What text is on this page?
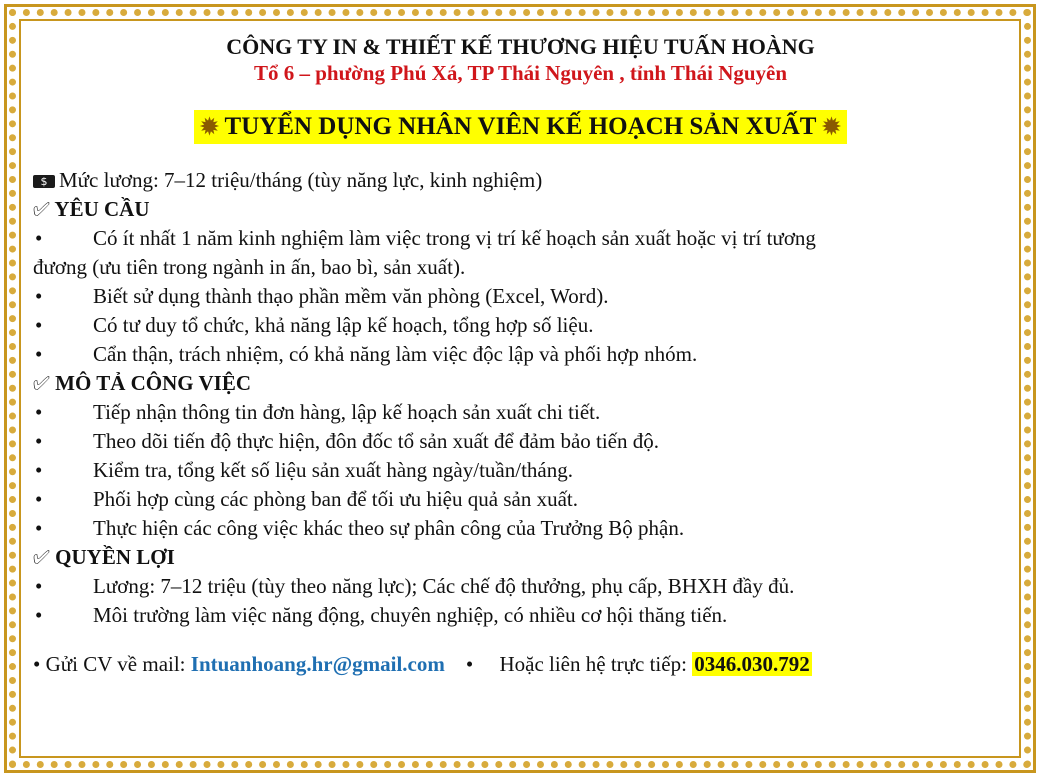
CÔNG TY IN & THIẾT KẾ THƯƠNG HIỆU TUẤN HOÀNG

Tổ 6 – phường Phú Xá, TP Thái Nguyên , tỉnh Thái Nguyên

✹ TUYỂN DỤNG NHÂN VIÊN KẾ HOẠCH SẢN XUẤT ✹

$ Mức lương: 7–12 triệu/tháng (tùy năng lực, kinh nghiệm)

✅︎ YÊU CẦU

•	Có ít nhất 1 năm kinh nghiệm làm việc trong vị trí kế hoạch sản xuất hoặc vị trí tương

đương (ưu tiên trong ngành in ấn, bao bì, sản xuất).

•	Biết sử dụng thành thạo phần mềm văn phòng (Excel, Word).
•	Có tư duy tổ chức, khả năng lập kế hoạch, tổng hợp số liệu.
•	Cẩn thận, trách nhiệm, có khả năng làm việc độc lập và phối hợp nhóm.

✅︎ MÔ TẢ CÔNG VIỆC

•	Tiếp nhận thông tin đơn hàng, lập kế hoạch sản xuất chi tiết.
•	Theo dõi tiến độ thực hiện, đôn đốc tổ sản xuất để đảm bảo tiến độ.
•	Kiểm tra, tổng kết số liệu sản xuất hàng ngày/tuần/tháng.
•	Phối hợp cùng các phòng ban để tối ưu hiệu quả sản xuất.
•	Thực hiện các công việc khác theo sự phân công của Trưởng Bộ phận.

✅︎ QUYỀN LỢI

•	Lương: 7–12 triệu (tùy theo năng lực); Các chế độ thưởng, phụ cấp, BHXH đầy đủ.
•	Môi trường làm việc năng động, chuyên nghiệp, có nhiều cơ hội thăng tiến.

• Gửi CV về mail: Intuanhoang.hr@gmail.com • Hoặc liên hệ trực tiếp: 0346.030.792
